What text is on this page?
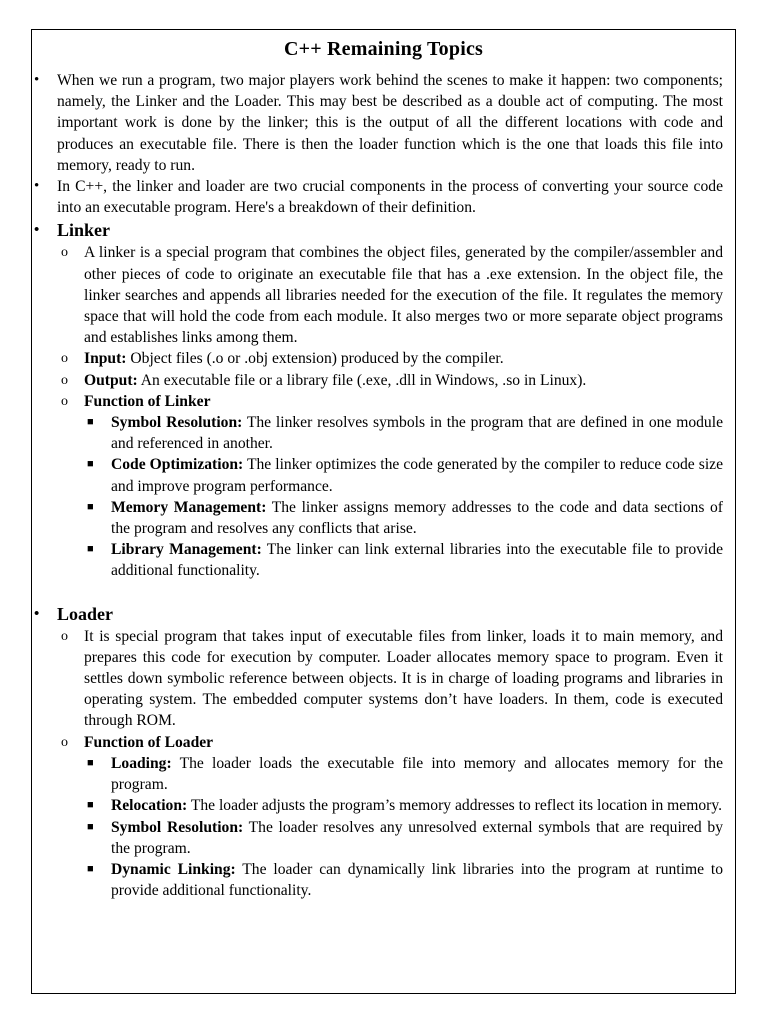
C++ Remaining Topics
• When we run a program, two major players work behind the scenes to make it happen: two components; namely, the Linker and the Loader. This may best be described as a double act of computing. The most important work is done by the linker; this is the output of all the different locations with code and produces an executable file. There is then the loader function which is the one that loads this file into memory, ready to run.
• In C++, the linker and loader are two crucial components in the process of converting your source code into an executable program. Here's a breakdown of their definition.
• Linker
o A linker is a special program that combines the object files, generated by the compiler/assembler and other pieces of code to originate an executable file that has a .exe extension. In the object file, the linker searches and appends all libraries needed for the execution of the file. It regulates the memory space that will hold the code from each module. It also merges two or more separate object programs and establishes links among them.
o Input: Object files (.o or .obj extension) produced by the compiler.
o Output: An executable file or a library file (.exe, .dll in Windows, .so in Linux).
o Function of Linker
■ Symbol Resolution: The linker resolves symbols in the program that are defined in one module and referenced in another.
■ Code Optimization: The linker optimizes the code generated by the compiler to reduce code size and improve program performance.
■ Memory Management: The linker assigns memory addresses to the code and data sections of the program and resolves any conflicts that arise.
■ Library Management: The linker can link external libraries into the executable file to provide additional functionality.
• Loader
o It is special program that takes input of executable files from linker, loads it to main memory, and prepares this code for execution by computer. Loader allocates memory space to program. Even it settles down symbolic reference between objects. It is in charge of loading programs and libraries in operating system. The embedded computer systems don’t have loaders. In them, code is executed through ROM.
o Function of Loader
■ Loading: The loader loads the executable file into memory and allocates memory for the program.
■ Relocation: The loader adjusts the program’s memory addresses to reflect its location in memory.
■ Symbol Resolution: The loader resolves any unresolved external symbols that are required by the program.
■ Dynamic Linking: The loader can dynamically link libraries into the program at runtime to provide additional functionality.
